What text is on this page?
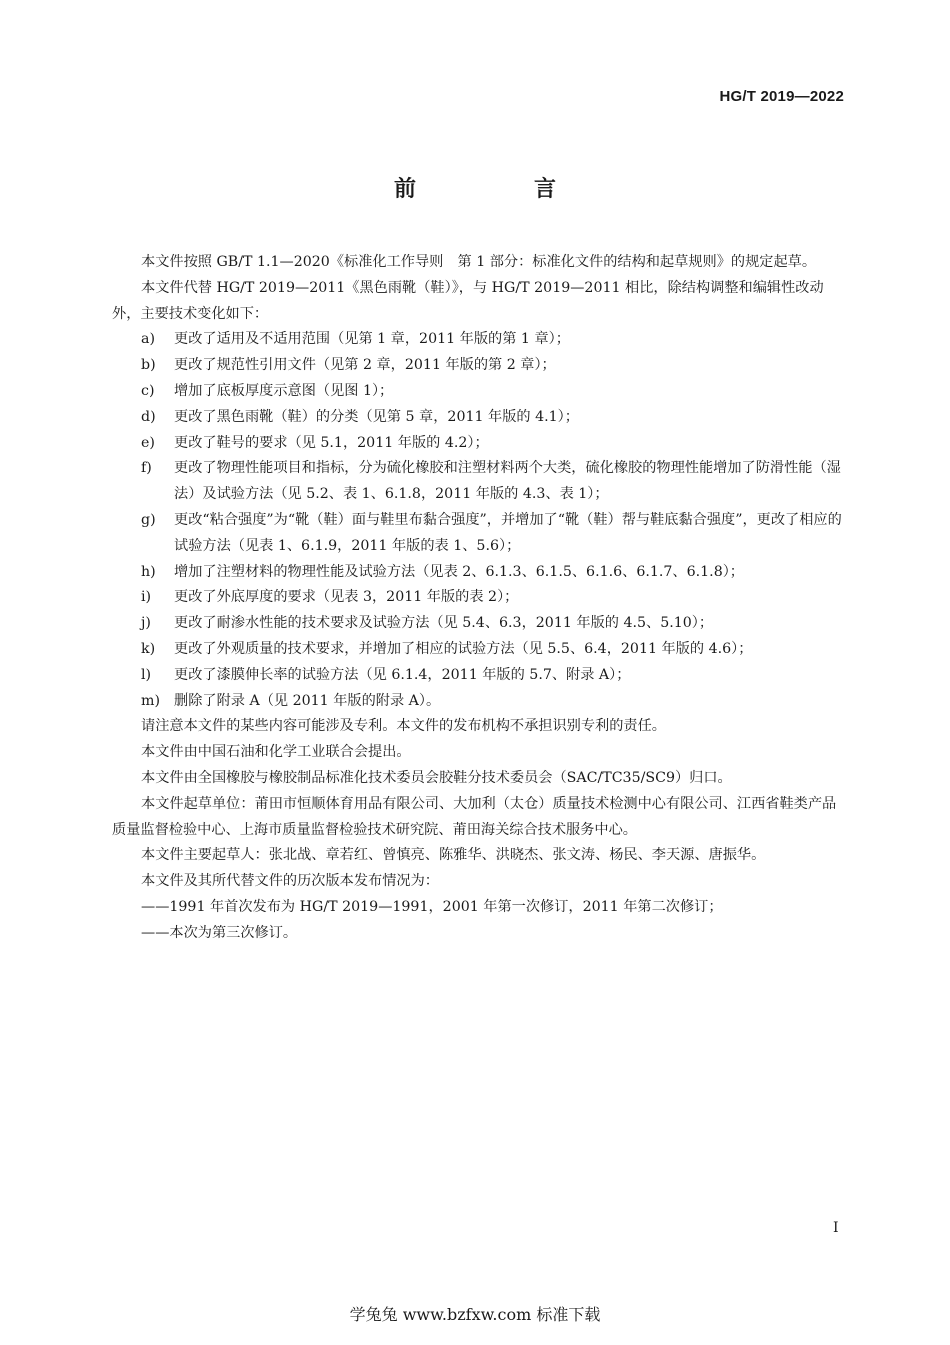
HG/T 2019—2022
前　言

本文件按照 GB/T 1.1—2020《标准化工作导则　第 1 部分：标准化文件的结构和起草规则》的规定起草。

本文件代替 HG/T 2019—2011《黑色雨靴（鞋）》，与 HG/T 2019—2011 相比，除结构调整和编辑性改动外，主要技术变化如下：

a) 更改了适用及不适用范围（见第 1 章，2011 年版的第 1 章）；

b) 更改了规范性引用文件（见第 2 章，2011 年版的第 2 章）；

c) 增加了底板厚度示意图（见图 1）；

d) 更改了黑色雨靴（鞋）的分类（见第 5 章，2011 年版的 4.1）；

e) 更改了鞋号的要求（见 5.1，2011 年版的 4.2）；

f) 更改了物理性能项目和指标，分为硫化橡胶和注塑材料两个大类，硫化橡胶的物理性能增加了防滑性能（湿法）及试验方法（见 5.2、表 1、6.1.8，2011 年版的 4.3、表 1）；

g) 更改“粘合强度”为“靴（鞋）面与鞋里布黏合强度”，并增加了“靴（鞋）帮与鞋底黏合强度”，更改了相应的试验方法（见表 1、6.1.9，2011 年版的表 1、5.6）；

h) 增加了注塑材料的物理性能及试验方法（见表 2、6.1.3、6.1.5、6.1.6、6.1.7、6.1.8）；

i) 更改了外底厚度的要求（见表 3，2011 年版的表 2）；

j) 更改了耐渗水性能的技术要求及试验方法（见 5.4、6.3，2011 年版的 4.5、5.10）；

k) 更改了外观质量的技术要求，并增加了相应的试验方法（见 5.5、6.4，2011 年版的 4.6）；

l) 更改了漆膜伸长率的试验方法（见 6.1.4，2011 年版的 5.7、附录 A）；

m) 删除了附录 A（见 2011 年版的附录 A）。

请注意本文件的某些内容可能涉及专利。本文件的发布机构不承担识别专利的责任。

本文件由中国石油和化学工业联合会提出。

本文件由全国橡胶与橡胶制品标准化技术委员会胶鞋分技术委员会（SAC/TC35/SC9）归口。

本文件起草单位：莆田市恒顺体育用品有限公司、大加利（太仓）质量技术检测中心有限公司、江西省鞋类产品质量监督检验中心、上海市质量监督检验技术研究院、莆田海关综合技术服务中心。

本文件主要起草人：张北战、章若红、曾慎亮、陈雅华、洪晓杰、张文涛、杨民、李天源、唐振华。

本文件及其所代替文件的历次版本发布情况为：

——1991 年首次发布为 HG/T 2019—1991，2001 年第一次修订，2011 年第二次修订；

——本次为第三次修订。

Ⅰ
学兔兔 www.bzfxw.com 标准下载
